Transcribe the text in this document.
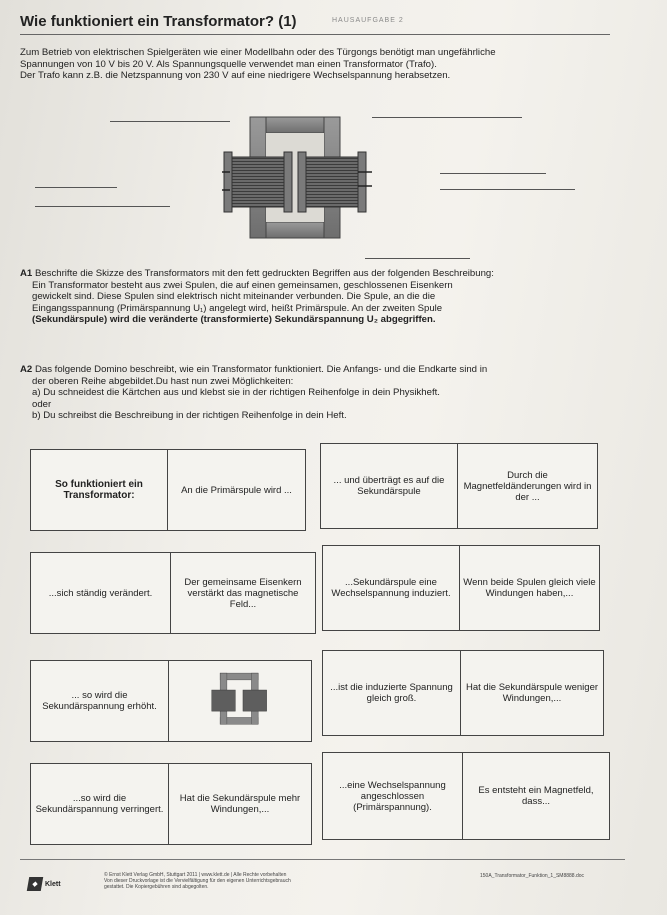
Wie funktioniert ein Transformator? (1)	HAUSAUFGABE 2
Zum Betrieb von elektrischen Spielgeräten wie einer Modellbahn oder des Türgongs benötigt man ungefährliche
Spannungen von 10 V bis 20 V. Als Spannungsquelle verwendet man einen Transformator (Trafo).
Der Trafo kann z.B. die Netzspannung von 230 V auf eine niedrigere Wechselspannung herabsetzen.
A1 Beschrifte die Skizze des Transformators mit den fett gedruckten Begriffen aus der folgenden Beschreibung:
Ein Transformator besteht aus zwei Spulen, die auf einen gemeinsamen, geschlossenen Eisenkern
gewickelt sind. Diese Spulen sind elektrisch nicht miteinander verbunden. Die Spule, an die die
Eingangsspannung (Primärspannung U₁) angelegt wird, heißt Primärspule. An der zweiten Spule
(Sekundärspule) wird die veränderte (transformierte) Sekundärspannung U₂ abgegriffen.
A2 Das folgende Domino beschreibt, wie ein Transformator funktioniert. Die Anfangs- und die Endkarte sind in
der oberen Reihe abgebildet.Du hast nun zwei Möglichkeiten:
a) Du schneidest die Kärtchen aus und klebst sie in der richtigen Reihenfolge in dein Physikheft.
oder
b) Du schreibst die Beschreibung in der richtigen Reihenfolge in dein Heft.
So funktioniert ein Transformator:	An die Primärspule wird ...
... und überträgt es auf die Sekundärspule
Durch die Magnetfeldänderungen wird in der ...
...sich ständig verändert.
Der gemeinsame Eisenkern verstärkt das magnetische Feld...
...Sekundärspule eine Wechselspannung induziert.
Wenn beide Spulen gleich viele Windungen haben,...
... so wird die Sekundärspannung erhöht.
...ist die induzierte Spannung gleich groß.
Hat die Sekundärspule weniger Windungen,...
...so wird die Sekundärspannung verringert.
Hat die Sekundärspule mehr Windungen,...
...eine Wechselspannung angeschlossen (Primärspannung).
Es entsteht ein Magnetfeld, dass...
◆ Klett
© Ernst Klett Verlag GmbH, Stuttgart 2011 | www.klett.de | Alle Rechte vorbehalten
Von dieser Druckvorlage ist die Vervielfältigung für den eigenen Unterrichtsgebrauch
gestattet. Die Kopiergebühren sind abgegolten.
150A_Transformator_Funktion_1_SM8888.doc
